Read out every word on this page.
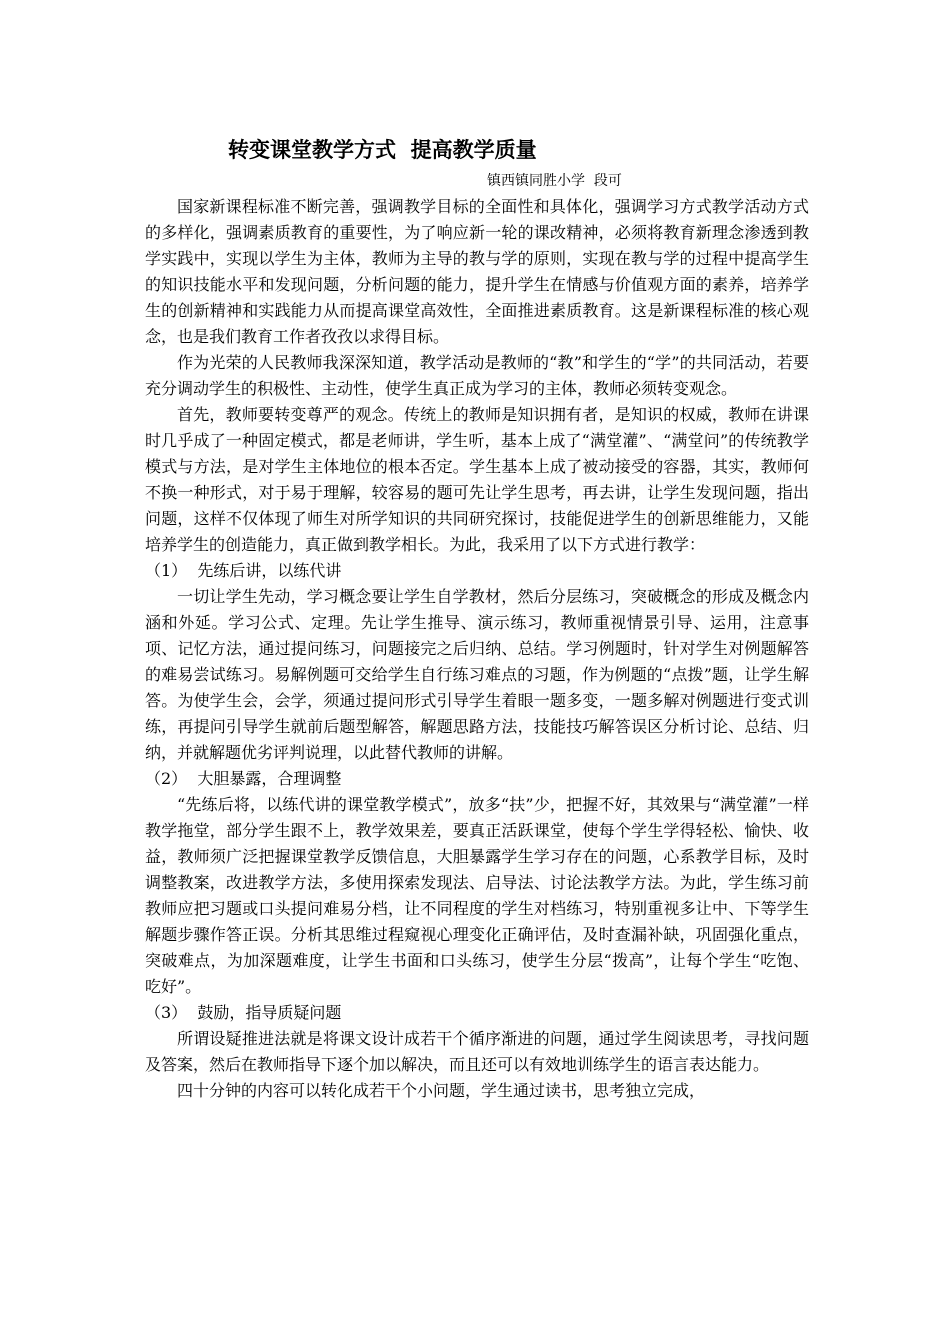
转变课堂教学方式  提高教学质量

镇西镇同胜小学  段可

国家新课程标准不断完善，强调教学目标的全面性和具体化，强调学习方式教学活动方式的多样化，强调素质教育的重要性，为了响应新一轮的课改精神，必须将教育新理念渗透到教学实践中，实现以学生为主体，教师为主导的教与学的原则，实现在教与学的过程中提高学生的知识技能水平和发现问题，分析问题的能力，提升学生在情感与价值观方面的素养，培养学生的创新精神和实践能力从而提高课堂高效性，全面推进素质教育。这是新课程标准的核心观念，也是我们教育工作者孜孜以求得目标。

作为光荣的人民教师我深深知道，教学活动是教师的“教”和学生的“学”的共同活动，若要充分调动学生的积极性、主动性，使学生真正成为学习的主体，教师必须转变观念。

首先，教师要转变尊严的观念。传统上的教师是知识拥有者，是知识的权威，教师在讲课时几乎成了一种固定模式，都是老师讲，学生听，基本上成了“满堂灌”、“满堂问”的传统教学模式与方法，是对学生主体地位的根本否定。学生基本上成了被动接受的容器，其实，教师何不换一种形式，对于易于理解，较容易的题可先让学生思考，再去讲，让学生发现问题，指出问题，这样不仅体现了师生对所学知识的共同研究探讨，技能促进学生的创新思维能力，又能培养学生的创造能力，真正做到教学相长。为此，我采用了以下方式进行教学：

（1）  先练后讲，以练代讲

一切让学生先动，学习概念要让学生自学教材，然后分层练习，突破概念的形成及概念内涵和外延。学习公式、定理。先让学生推导、演示练习，教师重视情景引导、运用，注意事项、记忆方法，通过提问练习，问题接完之后归纳、总结。学习例题时，针对学生对例题解答的难易尝试练习。易解例题可交给学生自行练习难点的习题，作为例题的“点拨”题，让学生解答。为使学生会，会学，须通过提问形式引导学生着眼一题多变，一题多解对例题进行变式训练，再提问引导学生就前后题型解答，解题思路方法，技能技巧解答误区分析讨论、总结、归纳，并就解题优劣评判说理，以此替代教师的讲解。

（2）  大胆暴露，合理调整

“先练后将，以练代讲的课堂教学模式”，放多“扶”少，把握不好，其效果与“满堂灌”一样教学拖堂，部分学生跟不上，教学效果差，要真正活跃课堂，使每个学生学得轻松、愉快、收益，教师须广泛把握课堂教学反馈信息，大胆暴露学生学习存在的问题，心系教学目标，及时调整教案，改进教学方法，多使用探索发现法、启导法、讨论法教学方法。为此，学生练习前教师应把习题或口头提问难易分档，让不同程度的学生对档练习，特别重视多让中、下等学生解题步骤作答正误。分析其思维过程窥视心理变化正确评估，及时查漏补缺，巩固强化重点，突破难点，为加深题难度，让学生书面和口头练习，使学生分层“拨高”，让每个学生“吃饱、吃好”。

（3）  鼓励，指导质疑问题

所谓设疑推进法就是将课文设计成若干个循序渐进的问题，通过学生阅读思考，寻找问题及答案，然后在教师指导下逐个加以解决，而且还可以有效地训练学生的语言表达能力。

四十分钟的内容可以转化成若干个小问题，学生通过读书，思考独立完成，
